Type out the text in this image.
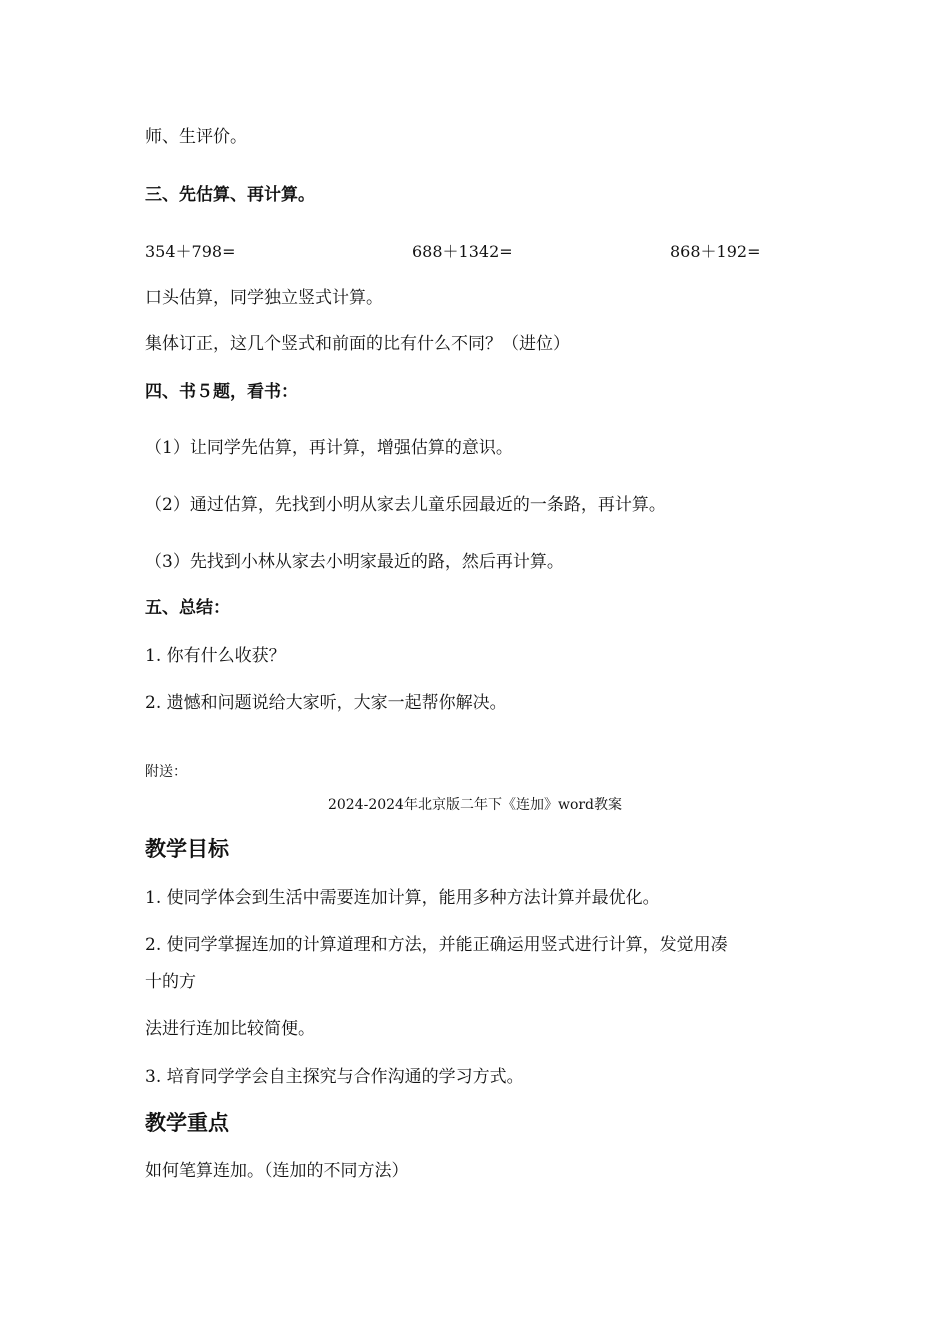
师、生评价。
三、先估算、再计算。
354＋798=	688＋1342=	868＋192=
口头估算，同学独立竖式计算。
集体订正，这几个竖式和前面的比有什么不同？（进位）
四、书５题，看书：
（1）让同学先估算，再计算，增强估算的意识。
（2）通过估算，先找到小明从家去儿童乐园最近的一条路，再计算。
（3）先找到小林从家去小明家最近的路，然后再计算。
五、总结：
1. 你有什么收获？
2. 遗憾和问题说给大家听，大家一起帮你解决。
附送：
2024-2024年北京版二年下《连加》word教案
教学目标
1. 使同学体会到生活中需要连加计算，能用多种方法计算并最优化。
2. 使同学掌握连加的计算道理和方法，并能正确运用竖式进行计算，发觉用凑
十的方
法进行连加比较简便。
3. 培育同学学会自主探究与合作沟通的学习方式。
教学重点
如何笔算连加。（连加的不同方法）
